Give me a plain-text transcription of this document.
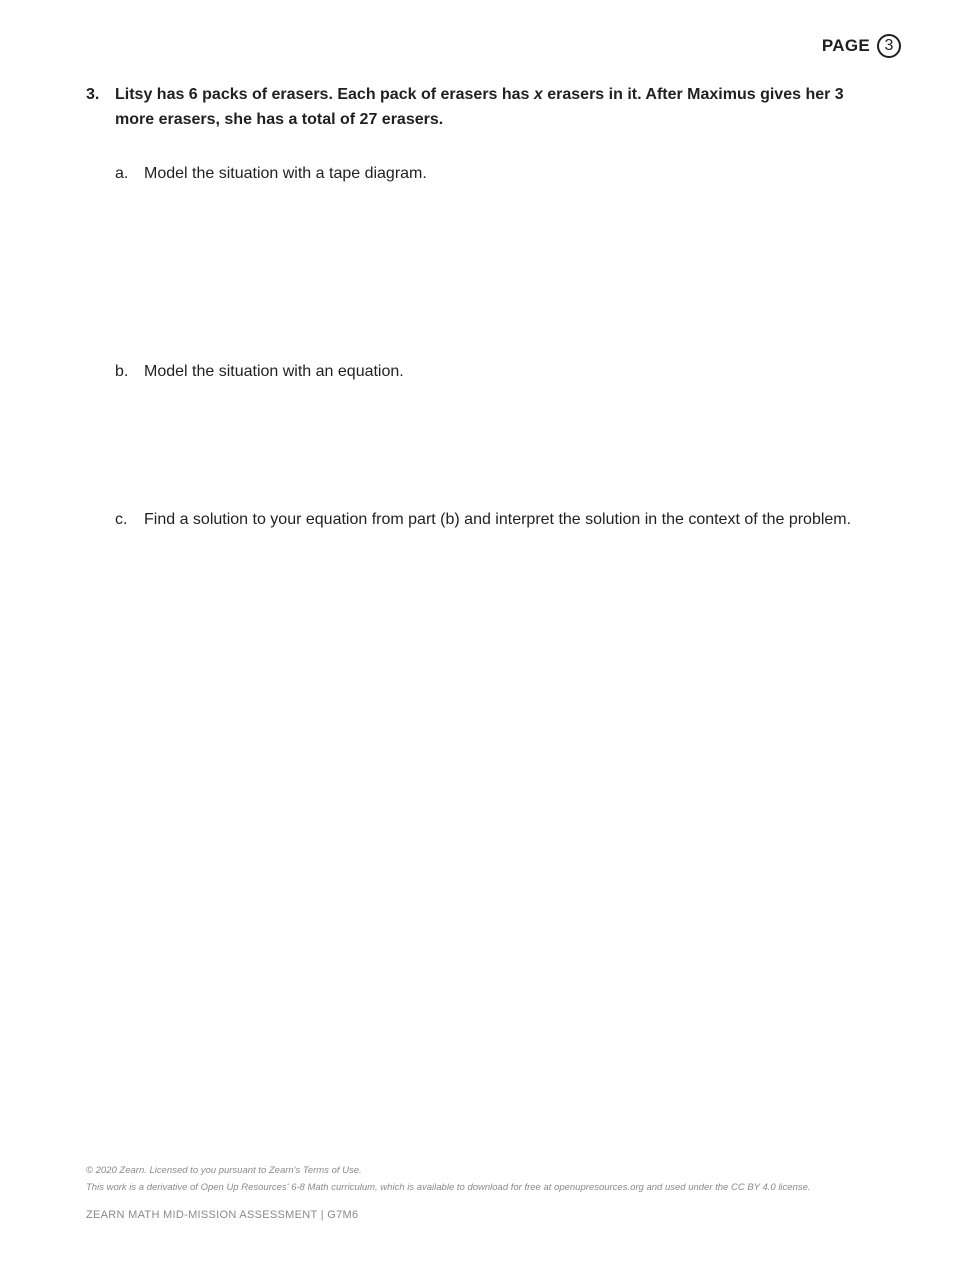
PAGE 3
3. Litsy has 6 packs of erasers. Each pack of erasers has x erasers in it. After Maximus gives her 3 more erasers, she has a total of 27 erasers.
a. Model the situation with a tape diagram.
b. Model the situation with an equation.
c.	Find a solution to your equation from part (b) and interpret the solution in the context of the problem.
© 2020 Zearn. Licensed to you pursuant to Zearn's Terms of Use.
This work is a derivative of Open Up Resources' 6-8 Math curriculum, which is available to download for free at openupresources.org and used under the CC BY 4.0 license.
ZEARN MATH MID-MISSION ASSESSMENT | G7M6
